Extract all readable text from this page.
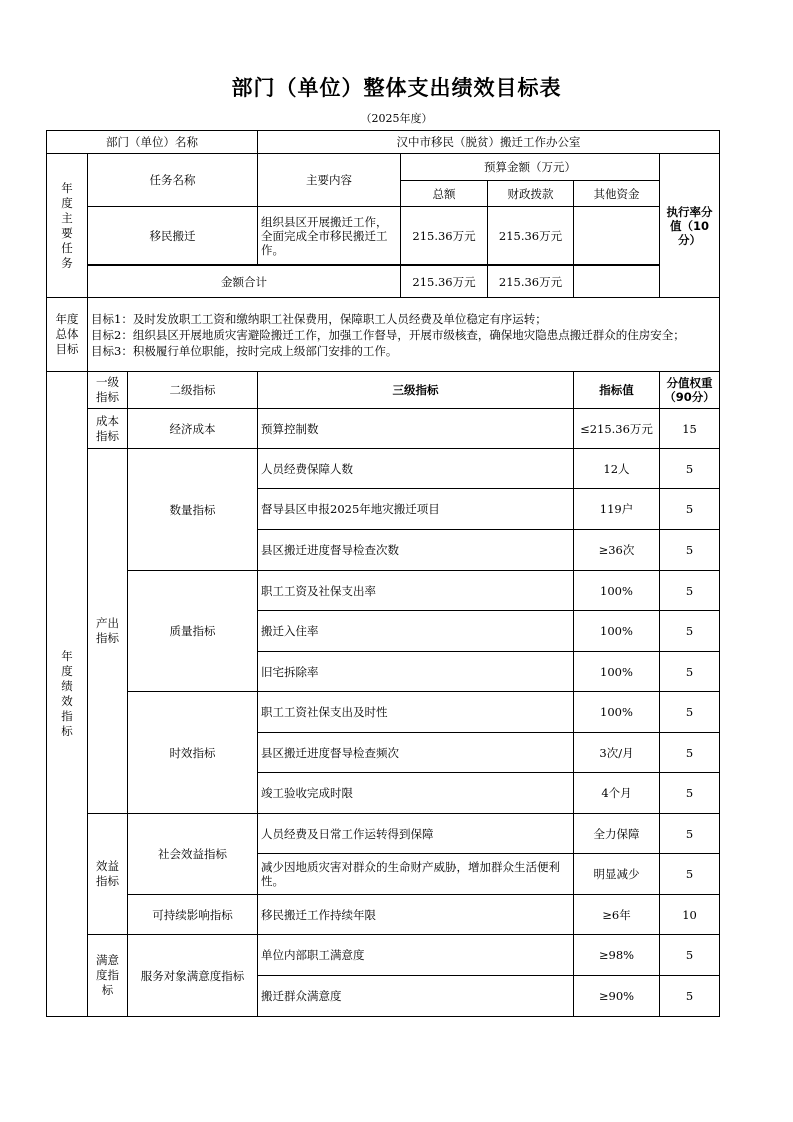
部门（单位）整体支出绩效目标表
（2025年度）
部门（单位）名称			汉中市移民（脱贫）搬迁工作办公室				
年度主要任务	任务名称		主要内容	预算金额（万元）			执行率分值（10分）
				总额	财政拨款	其他资金	
	移民搬迁		组织县区开展搬迁工作，全面完成全市移民搬迁工作。	215.36万元	215.36万元		

	金额合计			215.36万元	215.36万元		
年度总体目标	目标1：及时发放职工工资和缴纳职工社保费用，保障职工人员经费及单位稳定有序运转；
目标2：组织县区开展地质灾害避险搬迁工作，加强工作督导，开展市级核查，确保地灾隐患点搬迁群众的住房安全；
目标3：积极履行单位职能，按时完成上级部门安排的工作。						

年度绩效指标	一级指标	二级指标	三级指标			指标值	分值权重（90分）
	成本指标	经济成本	预算控制数			≤215.36万元	15
	产出指标	数量指标	人员经费保障人数			12人	5
			督导县区申报2025年地灾搬迁项目			119户	5
			县区搬迁进度督导检查次数			≥36次	5
		质量指标	职工工资及社保支出率			100%	5
			搬迁入住率			100%	5
			旧宅拆除率			100%	5
		时效指标	职工工资社保支出及时性			100%	5
			县区搬迁进度督导检查频次			3次/月	5
			竣工验收完成时限			4个月	5
	效益指标	社会效益指标	人员经费及日常工作运转得到保障			全力保障	5
			减少因地质灾害对群众的生命财产威胁，增加群众生活便利性。			明显减少	5
		可持续影响指标	移民搬迁工作持续年限			≥6年	10
	满意度指标	服务对象满意度指标	单位内部职工满意度			≥98%	5
			搬迁群众满意度			≥90%	5
